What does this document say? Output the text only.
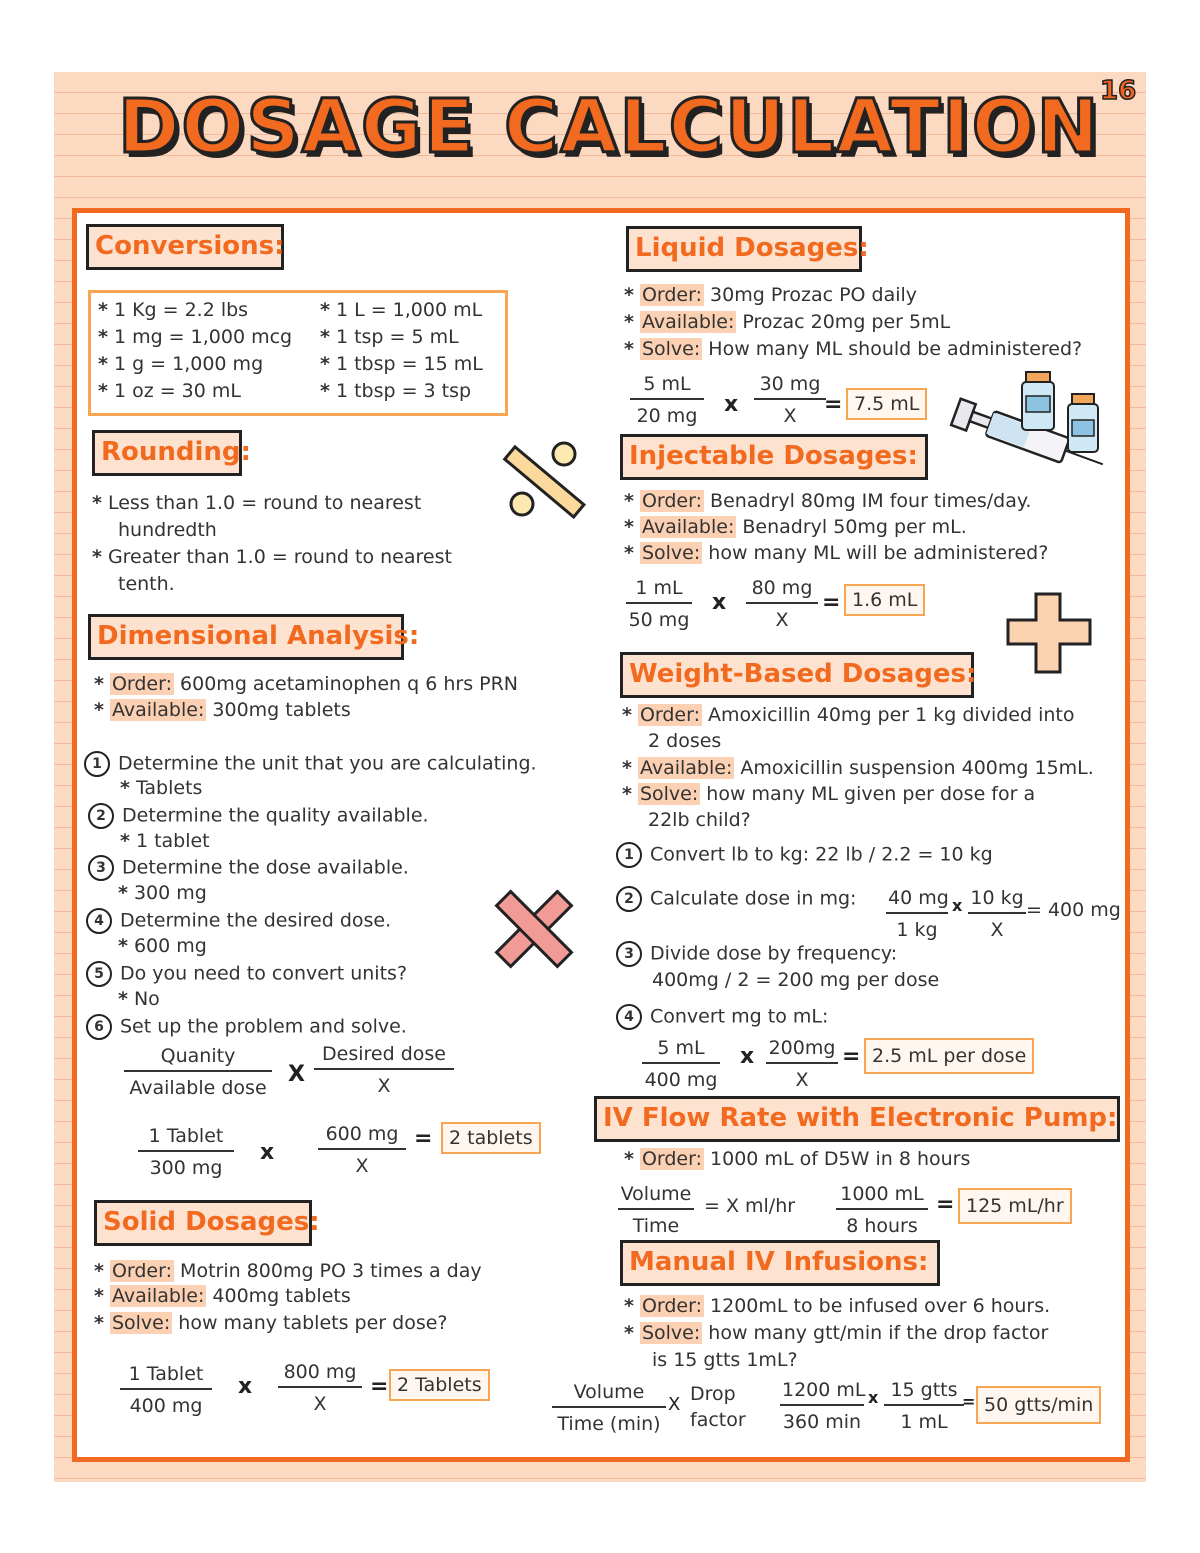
16
DOSAGE CALCULATION
Conversions:
* 1 Kg = 2.2 lbs
* 1 mg = 1,000 mcg
* 1 g = 1,000 mg
* 1 oz = 30 mL
* 1 L = 1,000 mL
* 1 tsp = 5 mL
* 1 tbsp = 15 mL
* 1 tbsp = 3 tsp
Rounding:
* Less than 1.0 = round to nearest
hundredth
* Greater than 1.0 = round to nearest
tenth.
Dimensional Analysis:
* Order: 600mg acetaminophen q 6 hrs PRN
* Available: 300mg tablets
1 Determine the unit that you are calculating.
* Tablets
2 Determine the quality available.
* 1 tablet
3 Determine the dose available.
* 300 mg
4 Determine the desired dose.
* 600 mg
5 Do you need to convert units?
* No
6 Set up the problem and solve.
Quanity
Available dose
X
Desired dose
X
1 Tablet
300 mg
x $\frac{600 mg}{X} = 2$ tablets
Solid Dosages:
* Order: Motrin 800mg PO 3 times a day
* Available: 400mg tablets
* Solve: how many tablets per dose?
1 Tablet
400 mg
x $\frac{800 mg}{X} = 2$ Tablets
Liquid Dosages:
* Order: 30mg Prozac PO daily
* Available: Prozac 20mg per 5mL
* Solve: How many ML should be administered?
$\frac{5 mL}{20 mg}$ x $\frac{30 mg}{X}$
= 7.5 mL
Injectable Dosages:
* Order: Benadryl 80mg IM four times/day.
* Available: Benadryl 50mg per mL.
* Solve: how many ML will be administered?
$\frac{1 mL}{50 mg}$ x $\frac{80 mg}{X} = 1.6$ mL
Weight-Based Dosages:
* Order: Amoxicillin 40mg per 1 kg divided into
2 doses
* Available: Amoxicillin suspension 400mg 15mL.
* Solve: how many ML given per dose for a
22lb child?
1 Convert lb to kg: 22 lb / 2.2 = 10 kg
2 Calculate dose in mg: $\frac{40 mg}{1 kg}$ x $\frac{10 kg}{X} = 400$ mg
3 Divide dose by frequency:
400mg / 2 = 200 mg per dose
4 Convert mg to mL:
$\frac{5 mL}{400 mg}$ x $\frac{200mg}{X} = 2.5$ mL per dose
IV Flow Rate with Electronic Pump:
* Order: 1000 mL of D5W in 8 hours
Volume
Time
= X ml/hr
1000 mL
8 hours
= 125 mL/hr
Manual IV Infusions:
* Order: 1200mL to be infused over 6 hours.
* Solve: how many gtt/min if the drop factor
is 15 gtts 1mL?
Volume
Time (min)
X Drop
factor
1200 mL
360 min
x 15 gtts
1 mL
= 50 gtts/min
